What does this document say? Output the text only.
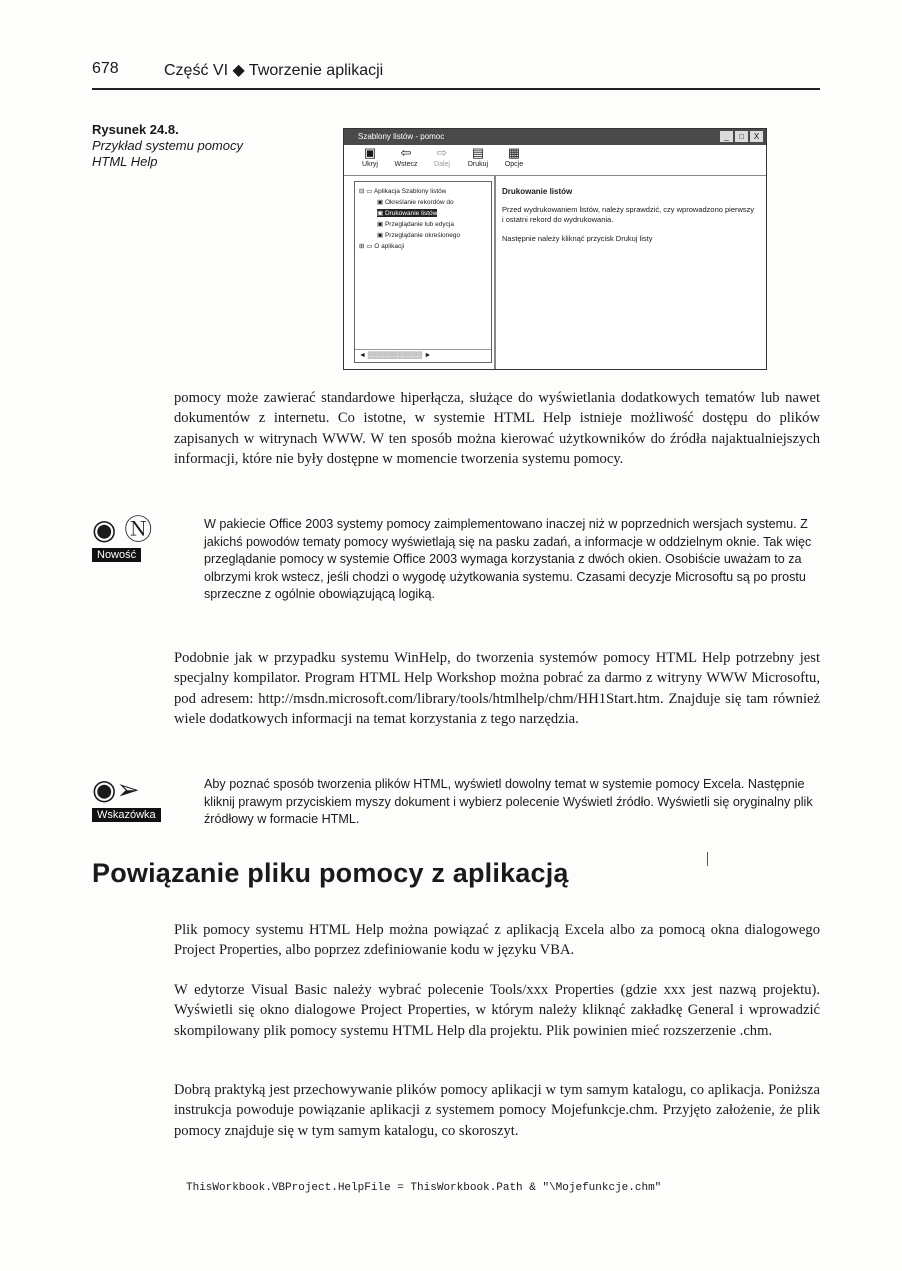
678	Część VI ◆ Tworzenie aplikacji
Rysunek 24.8.
Przykład systemu pomocy HTML Help
Szablony listów - pomoc	_	□	X
▣
Ukryj
⇦
Wstecz
⇨
Dalej
▤
Drukuj
▦
Opcje
⊟ ▭ Aplikacja Szablony listów
▣ Określanie rekordów do
▣ Drukowanie listów
▣ Przeglądanie lub edycja
▣ Przeglądanie określonego
⊞ ▭ O aplikacji
◄ ▒▒▒▒▒▒▒▒▒▒▒ ►
Drukowanie listów

Przed wydrukowaniem listów, należy sprawdzić, czy wprowadzono pierwszy i ostatni rekord do wydrukowania.

Następnie należy kliknąć przycisk Drukuj listy

pomocy może zawierać standardowe hiperłącza, służące do wyświetlania dodatkowych tematów lub nawet dokumentów z internetu. Co istotne, w systemie HTML Help istnieje możliwość dostępu do plików zapisanych w witrynach WWW. W ten sposób można kierować użytkowników do źródła najaktualniejszych informacji, które nie były dostępne w momencie tworzenia systemu pomocy.
◉ Ⓝ
Nowość
W pakiecie Office 2003 systemy pomocy zaimplementowano inaczej niż w poprzednich wersjach systemu. Z jakichś powodów tematy pomocy wyświetlają się na pasku zadań, a informacje w oddzielnym oknie. Tak więc przeglądanie pomocy w systemie Office 2003 wymaga korzystania z dwóch okien. Osobiście uważam to za olbrzymi krok wstecz, jeśli chodzi o wygodę użytkowania systemu. Czasami decyzje Microsoftu są po prostu sprzeczne z ogólnie obowiązującą logiką.
Podobnie jak w przypadku systemu WinHelp, do tworzenia systemów pomocy HTML Help potrzebny jest specjalny kompilator. Program HTML Help Workshop można pobrać za darmo z witryny WWW Microsoftu, pod adresem: http://msdn.microsoft.com/library/tools/htmlhelp/chm/HH1Start.htm. Znajduje się tam również wiele dodatkowych informacji na temat korzystania z tego narzędzia.
◉➢
Wskazówka
Aby poznać sposób tworzenia plików HTML, wyświetl dowolny temat w systemie pomocy Excela. Następnie kliknij prawym przyciskiem myszy dokument i wybierz polecenie Wyświetl źródło. Wyświetli się oryginalny plik źródłowy w formacie HTML.
Powiązanie pliku pomocy z aplikacją
Plik pomocy systemu HTML Help można powiązać z aplikacją Excela albo za pomocą okna dialogowego Project Properties, albo poprzez zdefiniowanie kodu w języku VBA.
W edytorze Visual Basic należy wybrać polecenie Tools/xxx Properties (gdzie xxx jest nazwą projektu). Wyświetli się okno dialogowe Project Properties, w którym należy kliknąć zakładkę General i wprowadzić skompilowany plik pomocy systemu HTML Help dla projektu. Plik powinien mieć rozszerzenie .chm.
Dobrą praktyką jest przechowywanie plików pomocy aplikacji w tym samym katalogu, co aplikacja. Poniższa instrukcja powoduje powiązanie aplikacji z systemem pomocy Mojefunkcje.chm. Przyjęto założenie, że plik pomocy znajduje się w tym samym katalogu, co skoroszyt.
ThisWorkbook.VBProject.HelpFile = ThisWorkbook.Path & "\Mojefunkcje.chm"
